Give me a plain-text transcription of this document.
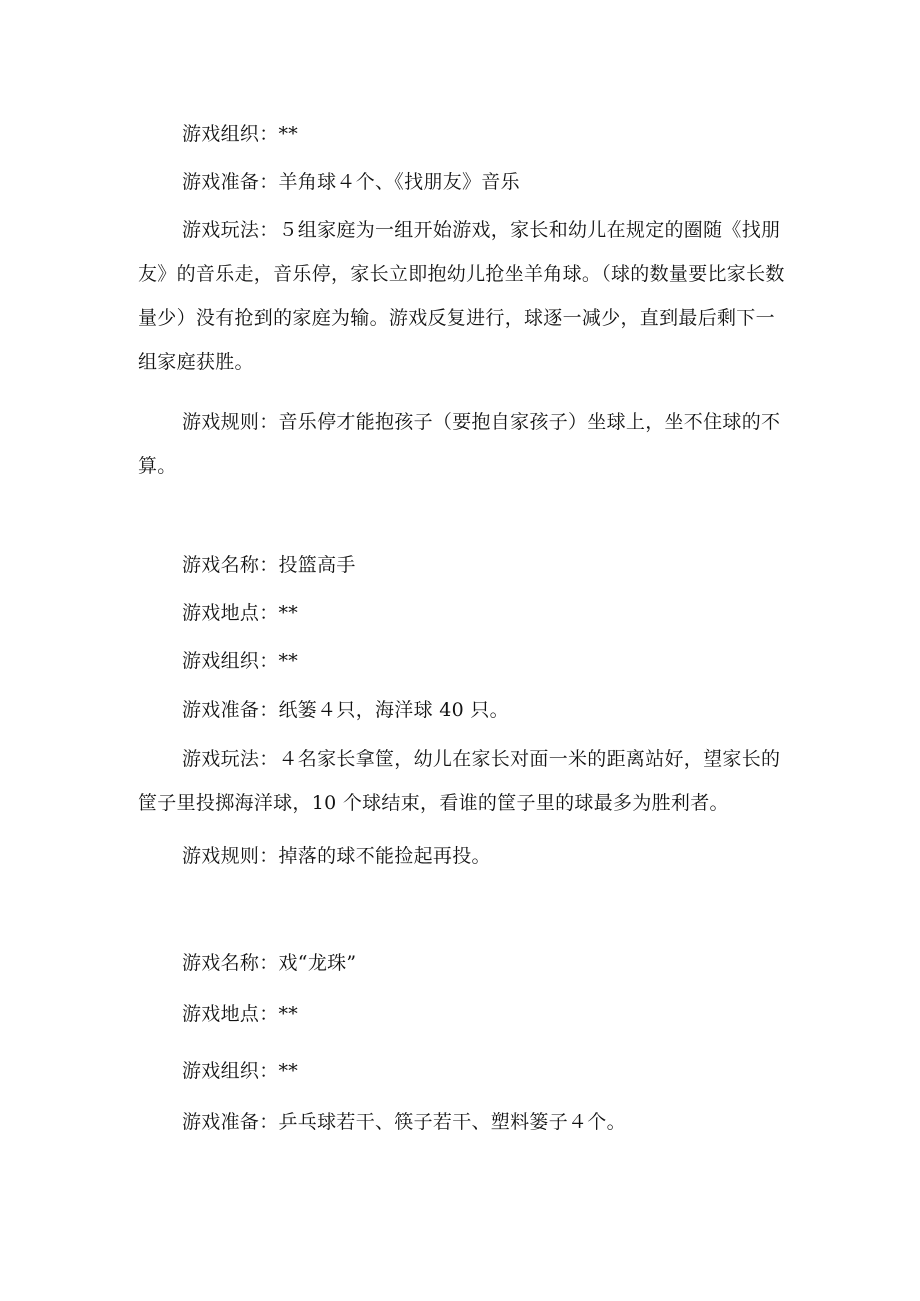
游戏组织：**

游戏准备：羊角球４个、《找朋友》音乐

游戏玩法：５组家庭为一组开始游戏，家长和幼儿在规定的圈随《找朋友》的音乐走，音乐停，家长立即抱幼儿抢坐羊角球。（球的数量要比家长数量少）没有抢到的家庭为输。游戏反复进行，球逐一减少，直到最后剩下一组家庭获胜。

游戏规则：音乐停才能抱孩子（要抱自家孩子）坐球上，坐不住球的不算。

游戏名称：投篮高手

游戏地点：**

游戏组织：**

游戏准备：纸篓４只，海洋球 40 只。

游戏玩法：４名家长拿筐，幼儿在家长对面一米的距离站好，望家长的筐子里投掷海洋球，10 个球结束，看谁的筐子里的球最多为胜利者。

游戏规则：掉落的球不能捡起再投。

游戏名称：戏“龙珠”

游戏地点：**

游戏组织：**

游戏准备：乒乓球若干、筷子若干、塑料篓子４个。
